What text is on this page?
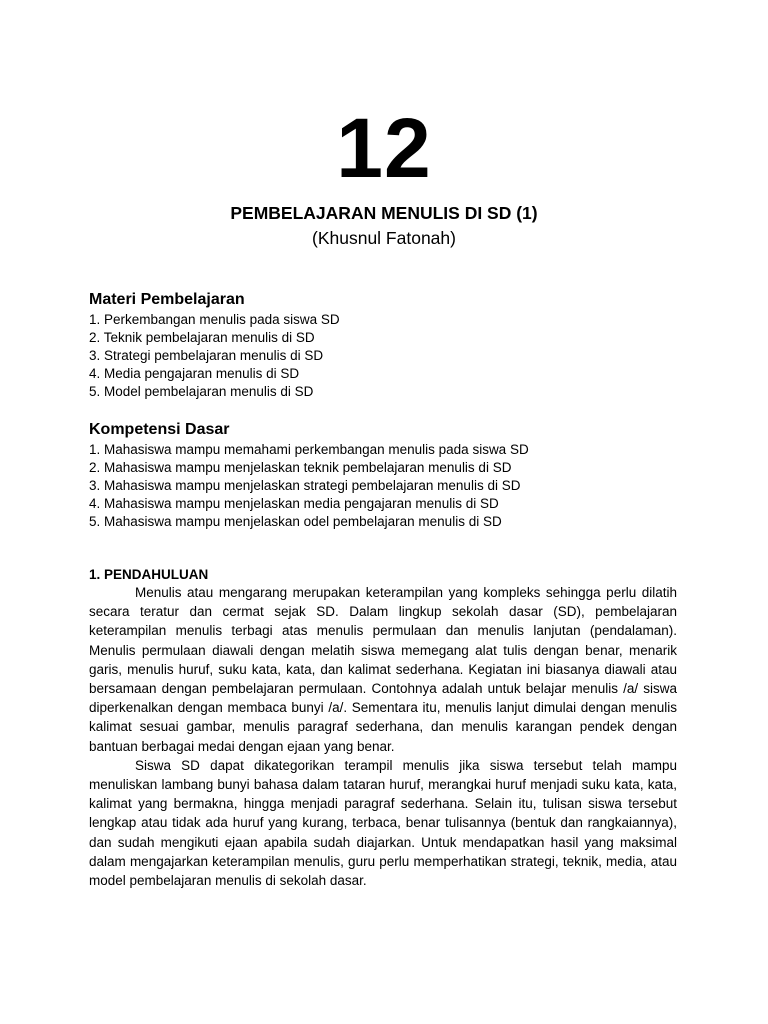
12
PEMBELAJARAN MENULIS DI SD (1)
(Khusnul Fatonah)
Materi Pembelajaran
1. Perkembangan menulis pada siswa SD
2. Teknik pembelajaran menulis di SD
3. Strategi pembelajaran menulis di SD
4. Media pengajaran menulis di SD
5. Model pembelajaran menulis di SD
Kompetensi Dasar
1. Mahasiswa mampu memahami perkembangan menulis pada siswa SD
2. Mahasiswa mampu menjelaskan teknik pembelajaran menulis di SD
3. Mahasiswa mampu menjelaskan strategi pembelajaran menulis di SD
4. Mahasiswa mampu menjelaskan media pengajaran menulis di SD
5. Mahasiswa mampu menjelaskan odel pembelajaran menulis di SD
1. PENDAHULUAN

Menulis atau mengarang merupakan keterampilan yang kompleks sehingga perlu dilatih secara teratur dan cermat sejak SD. Dalam lingkup sekolah dasar (SD), pembelajaran keterampilan menulis terbagi atas menulis permulaan dan menulis lanjutan (pendalaman). Menulis permulaan diawali dengan melatih siswa memegang alat tulis dengan benar, menarik garis, menulis huruf, suku kata, kata, dan kalimat sederhana. Kegiatan ini biasanya diawali atau bersamaan dengan pembelajaran permulaan. Contohnya adalah untuk belajar menulis /a/ siswa diperkenalkan dengan membaca bunyi /a/. Sementara itu, menulis lanjut dimulai dengan menulis kalimat sesuai gambar, menulis paragraf sederhana, dan menulis karangan pendek dengan bantuan berbagai medai dengan ejaan yang benar.

Siswa SD dapat dikategorikan terampil menulis jika siswa tersebut telah mampu menuliskan lambang bunyi bahasa dalam tataran huruf, merangkai huruf menjadi suku kata, kata, kalimat yang bermakna, hingga menjadi paragraf sederhana. Selain itu, tulisan siswa tersebut lengkap atau tidak ada huruf yang kurang, terbaca, benar tulisannya (bentuk dan rangkaiannya), dan sudah mengikuti ejaan apabila sudah diajarkan. Untuk mendapatkan hasil yang maksimal dalam mengajarkan keterampilan menulis, guru perlu memperhatikan strategi, teknik, media, atau model pembelajaran menulis di sekolah dasar.
